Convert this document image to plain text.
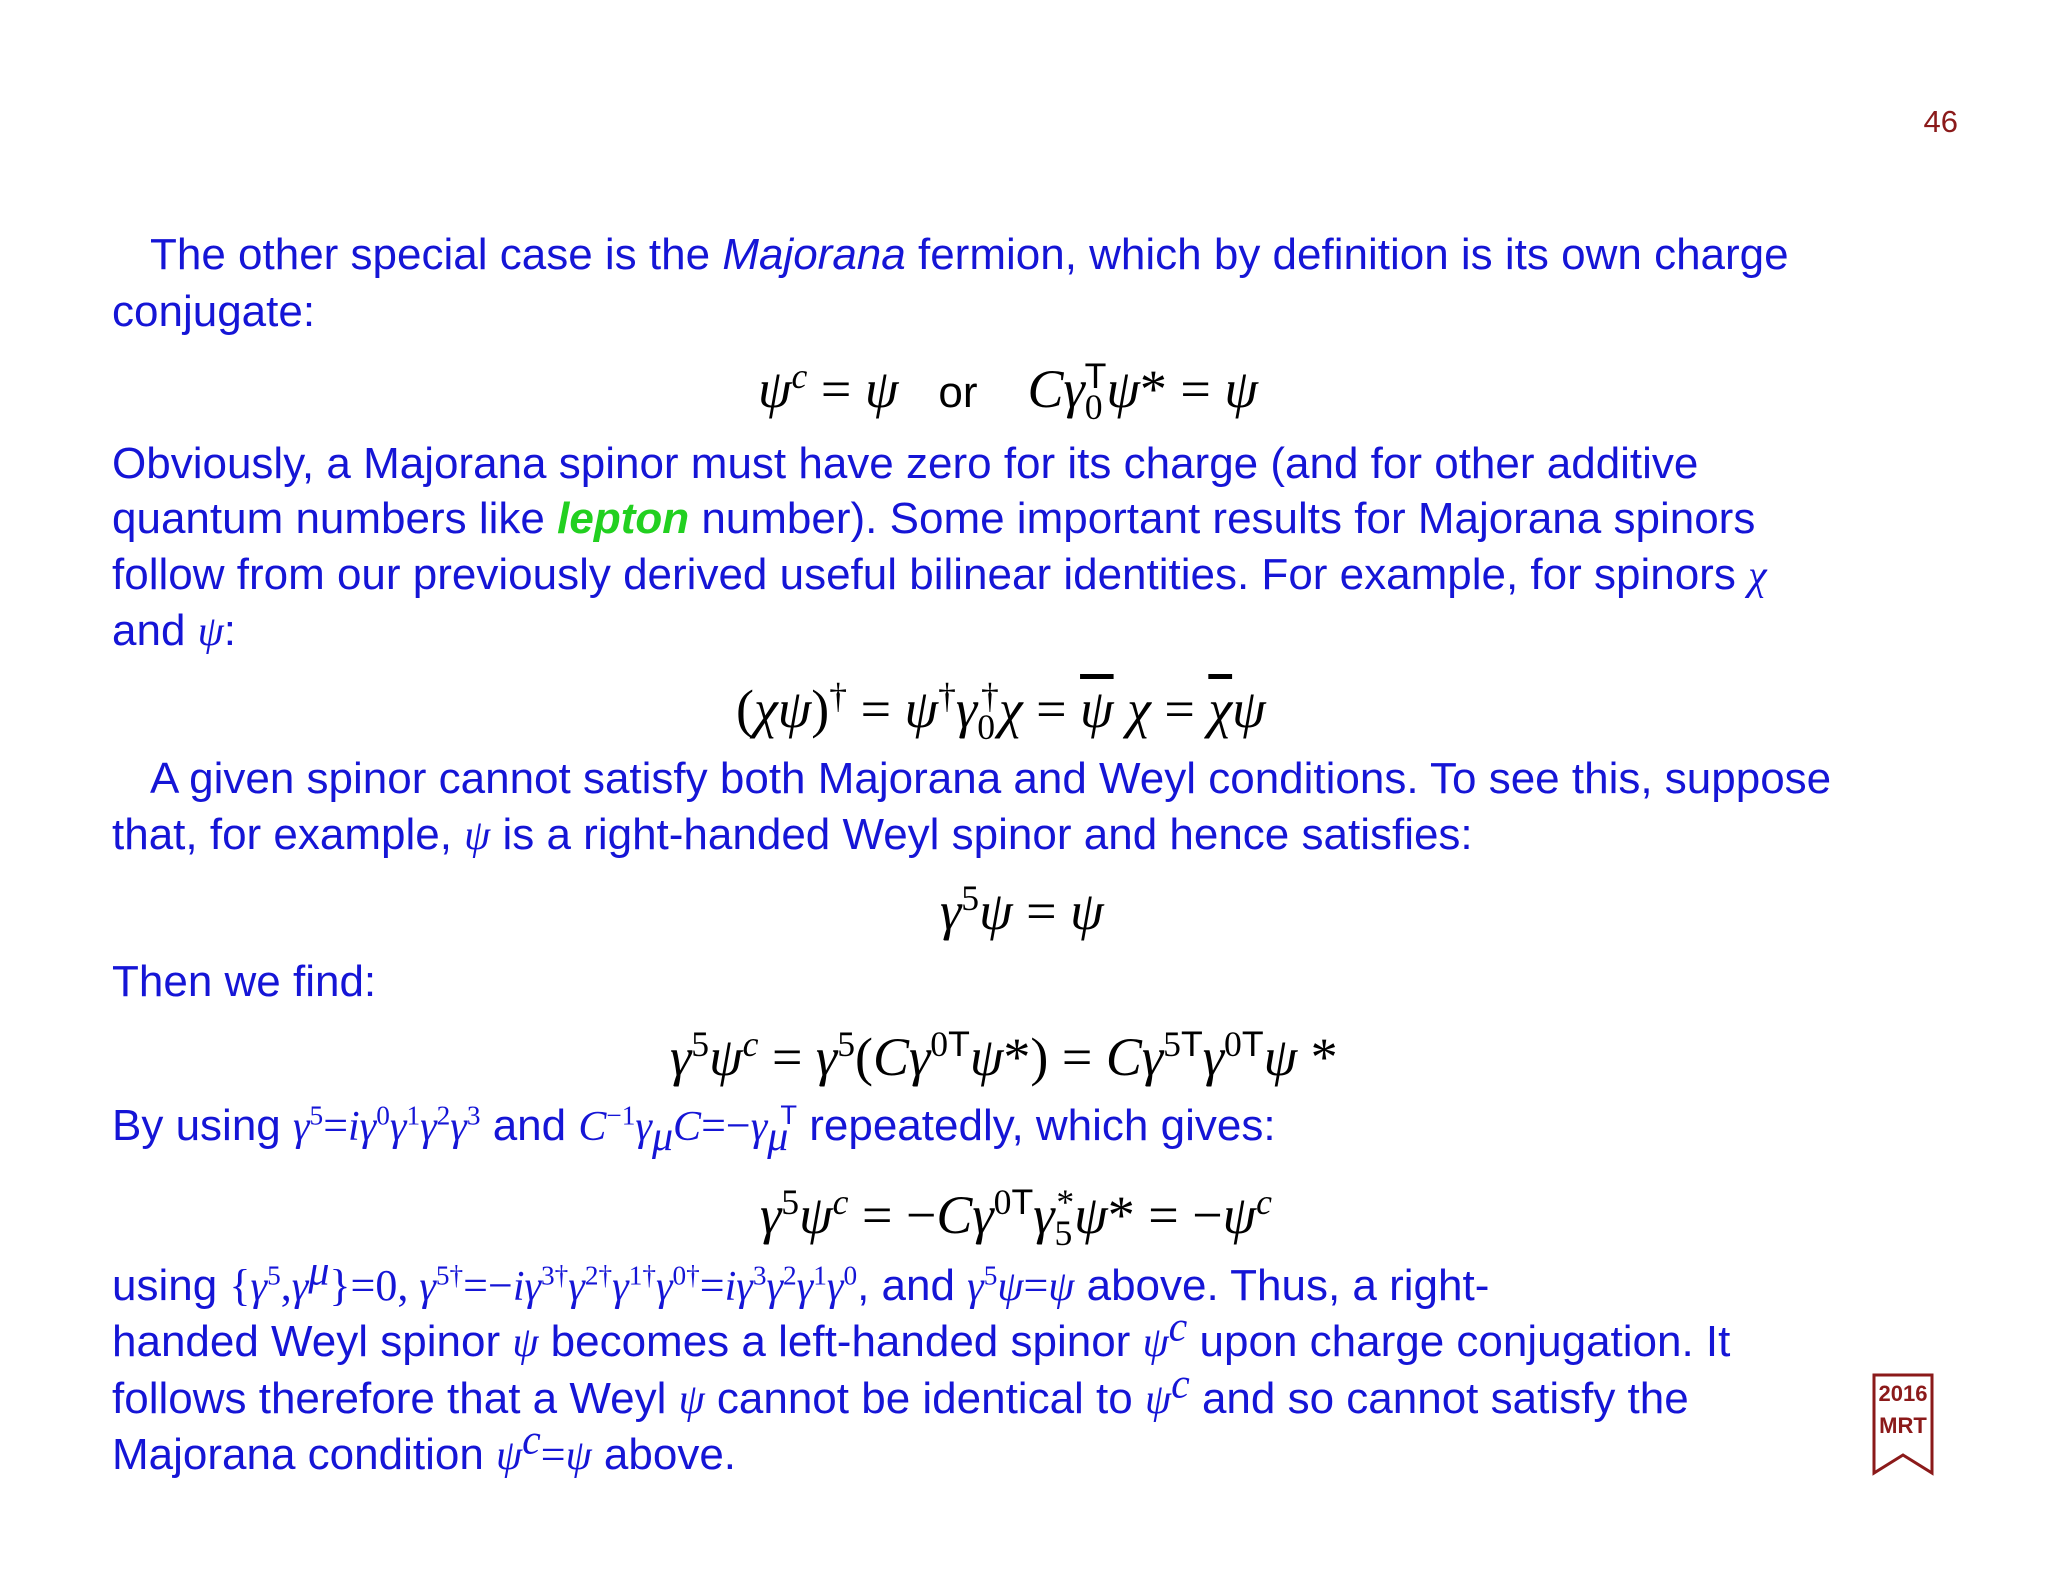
46
The other special case is the Majorana fermion, which by definition is its own charge
conjugate:
$\psi^c = \psi$ or $C\gamma_0^T\psi* = \psi$
Obviously, a Majorana spinor must have zero for its charge (and for other additive
quantum numbers like lepton number). Some important results for Majorana spinors
follow from our previously derived useful bilinear identities. For example, for spinors χ
and ψ:
$(\chi\psi)^\dagger = \psi^\dagger\gamma_0^\dagger\chi = \overline{\psi}$ $\chi = \overline{\chi}\psi$
A given spinor cannot satisfy both Majorana and Weyl conditions. To see this, suppose
that, for example, ψ is a right-handed Weyl spinor and hence satisfies:
$\gamma^5\psi = \psi$
Then we find:
$\gamma^5\psi^c = \gamma^5(C\gamma^{0T}\psi*) = C\gamma^{5T}\gamma^{0T}\psi$ *
By using $\gamma^5=i\gamma^0\gamma^1\gamma^2\gamma^3$ and $C^{-1}\gamma_\mu C=-\gamma_\mu^T$ repeatedly, which gives:
$\gamma^5\psi^c = -C\gamma^{0T}\gamma_5^*\psi* = -\psi^c$
using $\{\gamma^5,\gamma^\mu\}=0$, $\gamma^{5\dagger}=-i\gamma^{3\dagger}\gamma^{2\dagger}\gamma^{1\dagger}\gamma^{0\dagger}=i\gamma^3\gamma^2\gamma^1\gamma^0$, and $\gamma^5\psi=\psi$ above. Thus, a right-
handed Weyl spinor ψ becomes a left-handed spinor $\psi^c$ upon charge conjugation. It
follows therefore that a Weyl ψ cannot be identical to $\psi^c$ and so cannot satisfy the
Majorana condition $\psi^c=\psi$ above.
2016
MRT
